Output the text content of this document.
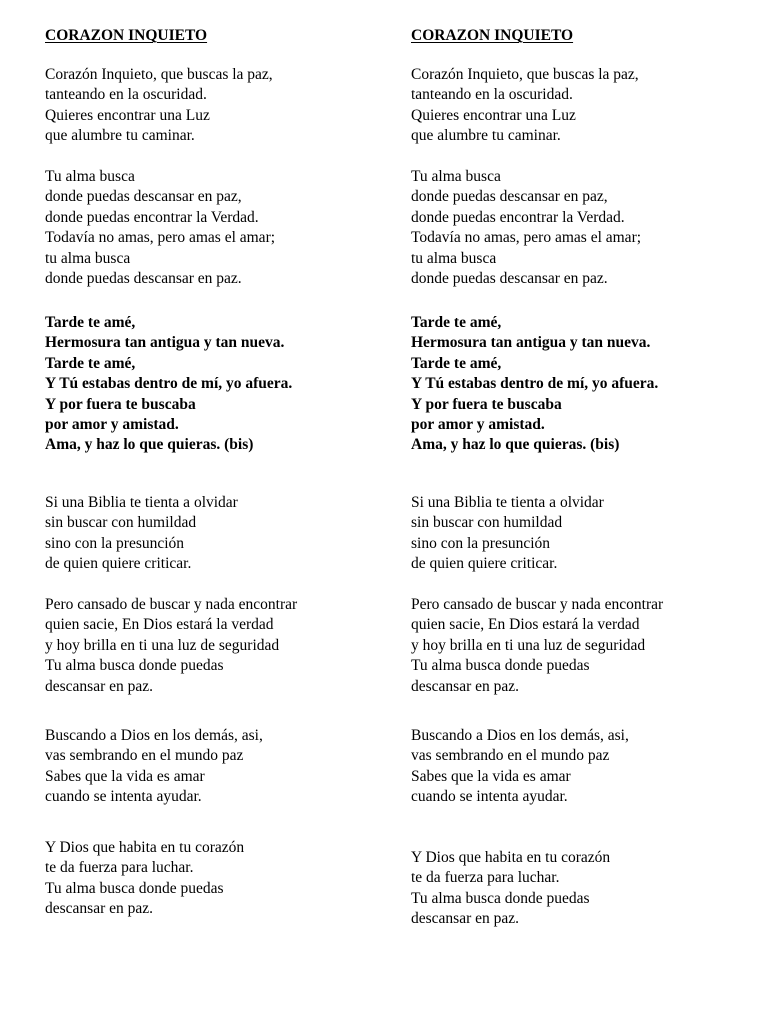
CORAZON INQUIETO
Corazón Inquieto, que buscas la paz,
tanteando en la oscuridad.
Quieres encontrar una Luz
que alumbre tu caminar.
Tu alma busca
donde puedas descansar en paz,
donde puedas encontrar la Verdad.
Todavía no amas, pero amas el amar;
tu alma busca
donde puedas descansar en paz.
Tarde te amé,
Hermosura tan antigua y tan nueva.
Tarde te amé,
Y Tú estabas dentro de mí, yo afuera.
Y por fuera te buscaba
por amor y amistad.
Ama, y haz lo que quieras. (bis)
Si una Biblia te tienta a olvidar
sin buscar con humildad
sino con la presunción
de quien quiere criticar.
Pero cansado de buscar y nada encontrar
quien sacie, En Dios estará la verdad
y hoy brilla en ti una luz de seguridad
Tu alma busca donde puedas
descansar en paz.
Buscando a Dios en los demás, asi,
vas sembrando en el mundo paz
Sabes que la vida es amar
cuando se intenta ayudar.
Y Dios que habita en tu corazón
te da fuerza para luchar.
Tu alma busca donde puedas
descansar en paz.
CORAZON INQUIETO
Corazón Inquieto, que buscas la paz,
tanteando en la oscuridad.
Quieres encontrar una Luz
que alumbre tu caminar.
Tu alma busca
donde puedas descansar en paz,
donde puedas encontrar la Verdad.
Todavía no amas, pero amas el amar;
tu alma busca
donde puedas descansar en paz.
Tarde te amé,
Hermosura tan antigua y tan nueva.
Tarde te amé,
Y Tú estabas dentro de mí, yo afuera.
Y por fuera te buscaba
por amor y amistad.
Ama, y haz lo que quieras. (bis)
Si una Biblia te tienta a olvidar
sin buscar con humildad
sino con la presunción
de quien quiere criticar.
Pero cansado de buscar y nada encontrar
quien sacie, En Dios estará la verdad
y hoy brilla en ti una luz de seguridad
Tu alma busca donde puedas
descansar en paz.
Buscando a Dios en los demás, asi,
vas sembrando en el mundo paz
Sabes que la vida es amar
cuando se intenta ayudar.
Y Dios que habita en tu corazón
te da fuerza para luchar.
Tu alma busca donde puedas
descansar en paz.
